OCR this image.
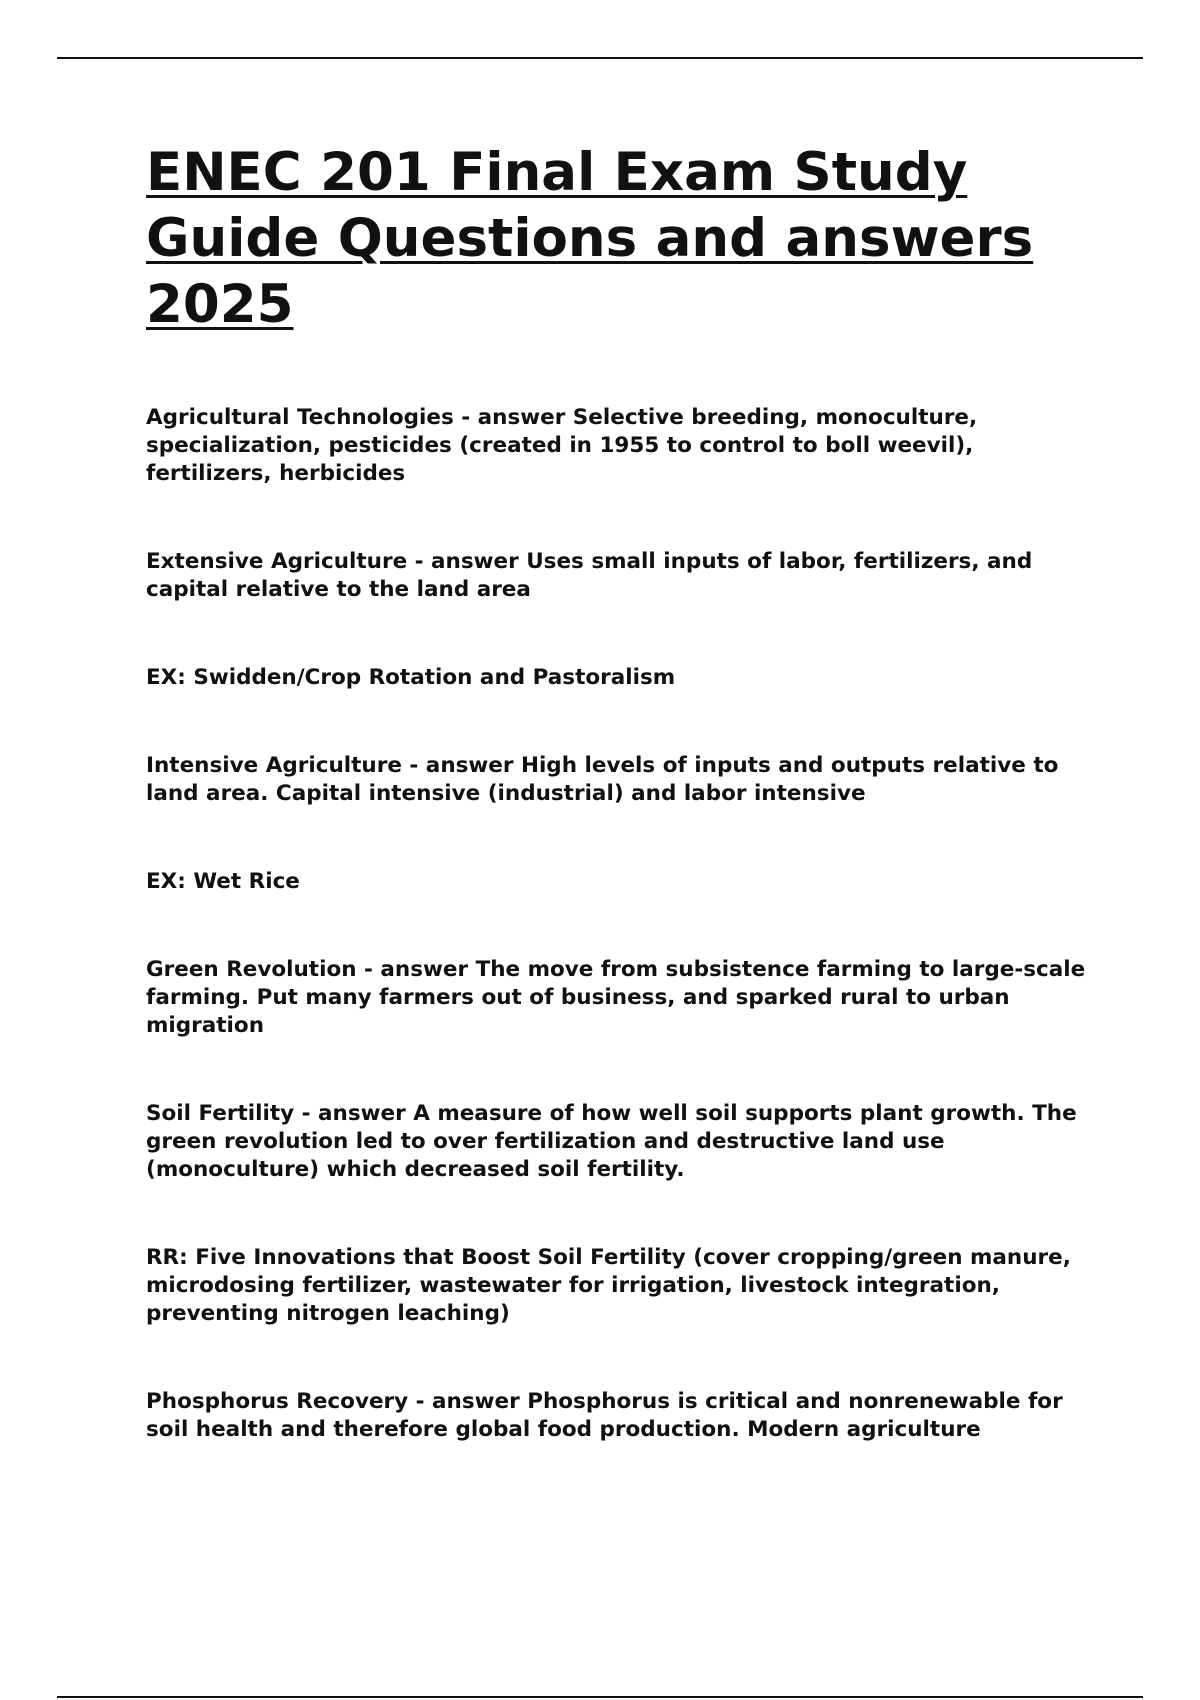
ENEC 201 Final Exam Study
Guide Questions and answers
2025

Agricultural Technologies - answer Selective breeding, monoculture, specialization, pesticides (created in 1955 to control to boll weevil), fertilizers, herbicides

Extensive Agriculture - answer Uses small inputs of labor, fertilizers, and capital relative to the land area

EX: Swidden/Crop Rotation and Pastoralism

Intensive Agriculture - answer High levels of inputs and outputs relative to land area. Capital intensive (industrial) and labor intensive

EX: Wet Rice

Green Revolution - answer The move from subsistence farming to large-scale farming. Put many farmers out of business, and sparked rural to urban migration

Soil Fertility - answer A measure of how well soil supports plant growth. The green revolution led to over fertilization and destructive land use (monoculture) which decreased soil fertility.

RR: Five Innovations that Boost Soil Fertility (cover cropping/green manure, microdosing fertilizer, wastewater for irrigation, livestock integration, preventing nitrogen leaching)

Phosphorus Recovery - answer Phosphorus is critical and nonrenewable for soil health and therefore global food production. Modern agriculture
